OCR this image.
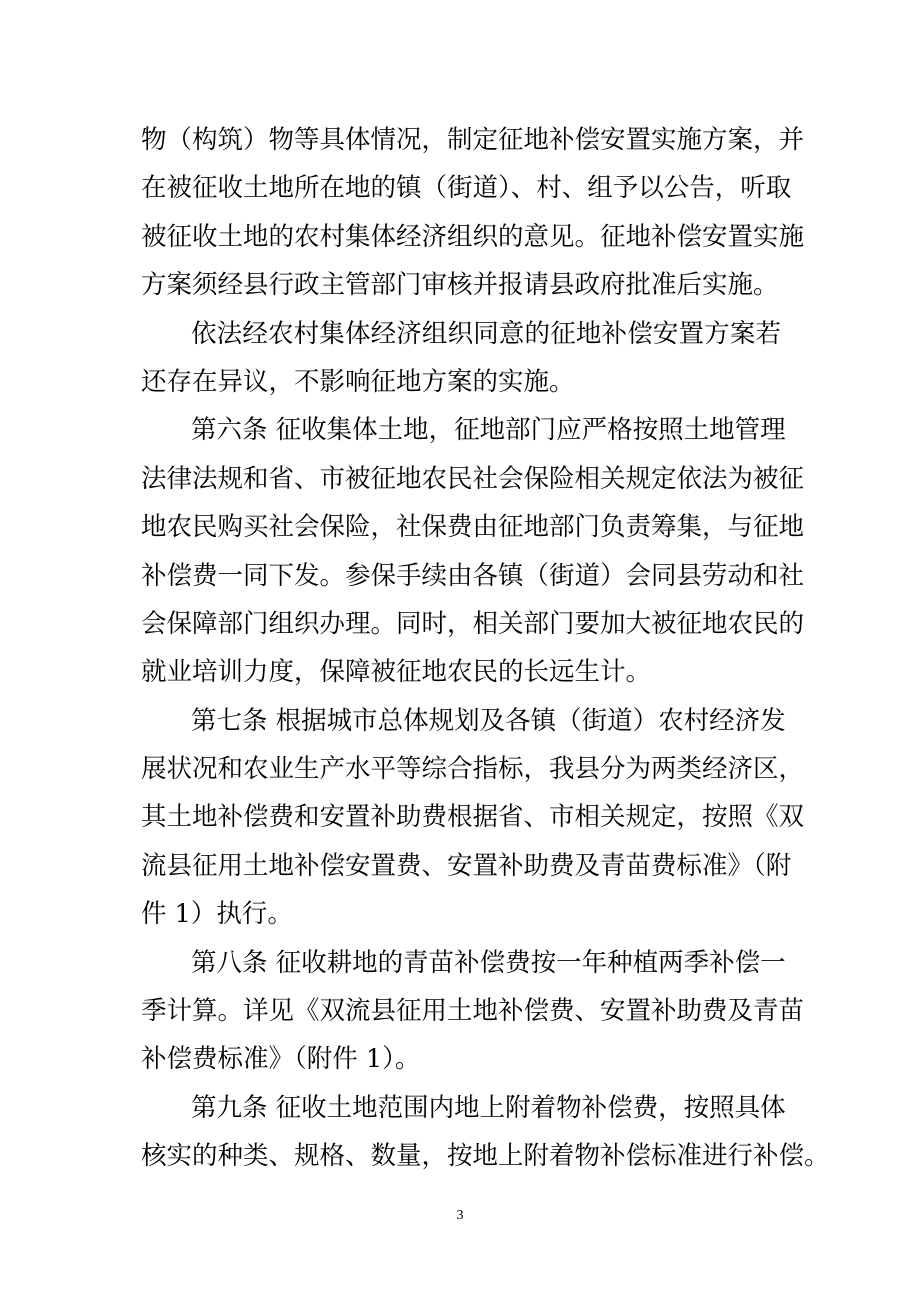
物（构筑）物等具体情况，制定征地补偿安置实施方案，并
在被征收土地所在地的镇（街道）、村、组予以公告，听取
被征收土地的农村集体经济组织的意见。征地补偿安置实施
方案须经县行政主管部门审核并报请县政府批准后实施。
依法经农村集体经济组织同意的征地补偿安置方案若
还存在异议，不影响征地方案的实施。
第六条 征收集体土地，征地部门应严格按照土地管理
法律法规和省、市被征地农民社会保险相关规定依法为被征
地农民购买社会保险，社保费由征地部门负责筹集，与征地
补偿费一同下发。参保手续由各镇（街道）会同县劳动和社
会保障部门组织办理。同时，相关部门要加大被征地农民的
就业培训力度，保障被征地农民的长远生计。
第七条 根据城市总体规划及各镇（街道）农村经济发
展状况和农业生产水平等综合指标，我县分为两类经济区，
其土地补偿费和安置补助费根据省、市相关规定，按照《双
流县征用土地补偿安置费、安置补助费及青苗费标准》（附
件 1）执行。
第八条 征收耕地的青苗补偿费按一年种植两季补偿一
季计算。详见《双流县征用土地补偿费、安置补助费及青苗
补偿费标准》（附件 1）。
第九条 征收土地范围内地上附着物补偿费，按照具体
核实的种类、规格、数量，按地上附着物补偿标准进行补偿。
3
